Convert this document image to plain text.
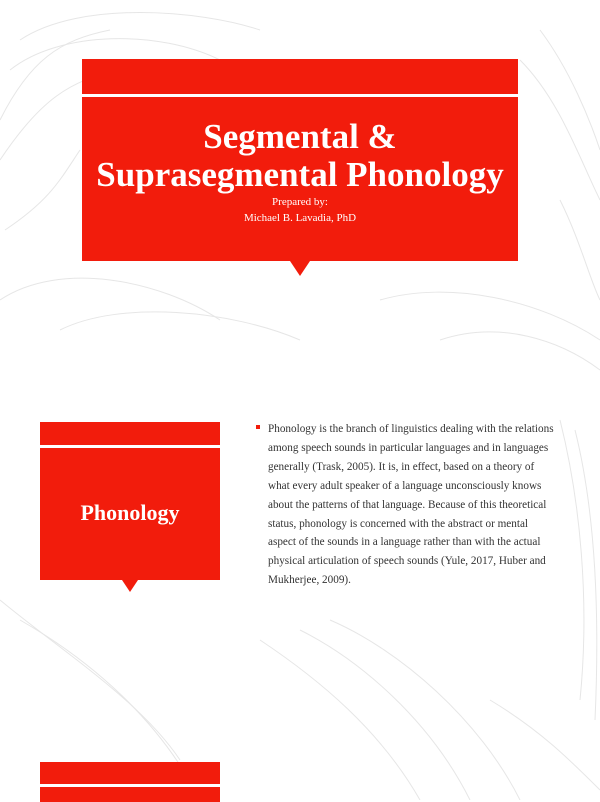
Segmental &
Suprasegmental Phonology

Prepared by:

Michael B. Lavadia, PhD

Phonology

Phonology is the branch of linguistics dealing with the relations among speech sounds in particular languages and in languages generally (Trask, 2005). It is, in effect, based on a theory of what every adult speaker of a language unconsciously knows about the patterns of that language. Because of this theoretical status, phonology is concerned with the abstract or mental aspect of the sounds in a language rather than with the actual physical articulation of speech sounds (Yule, 2017, Huber and Mukherjee, 2009).
